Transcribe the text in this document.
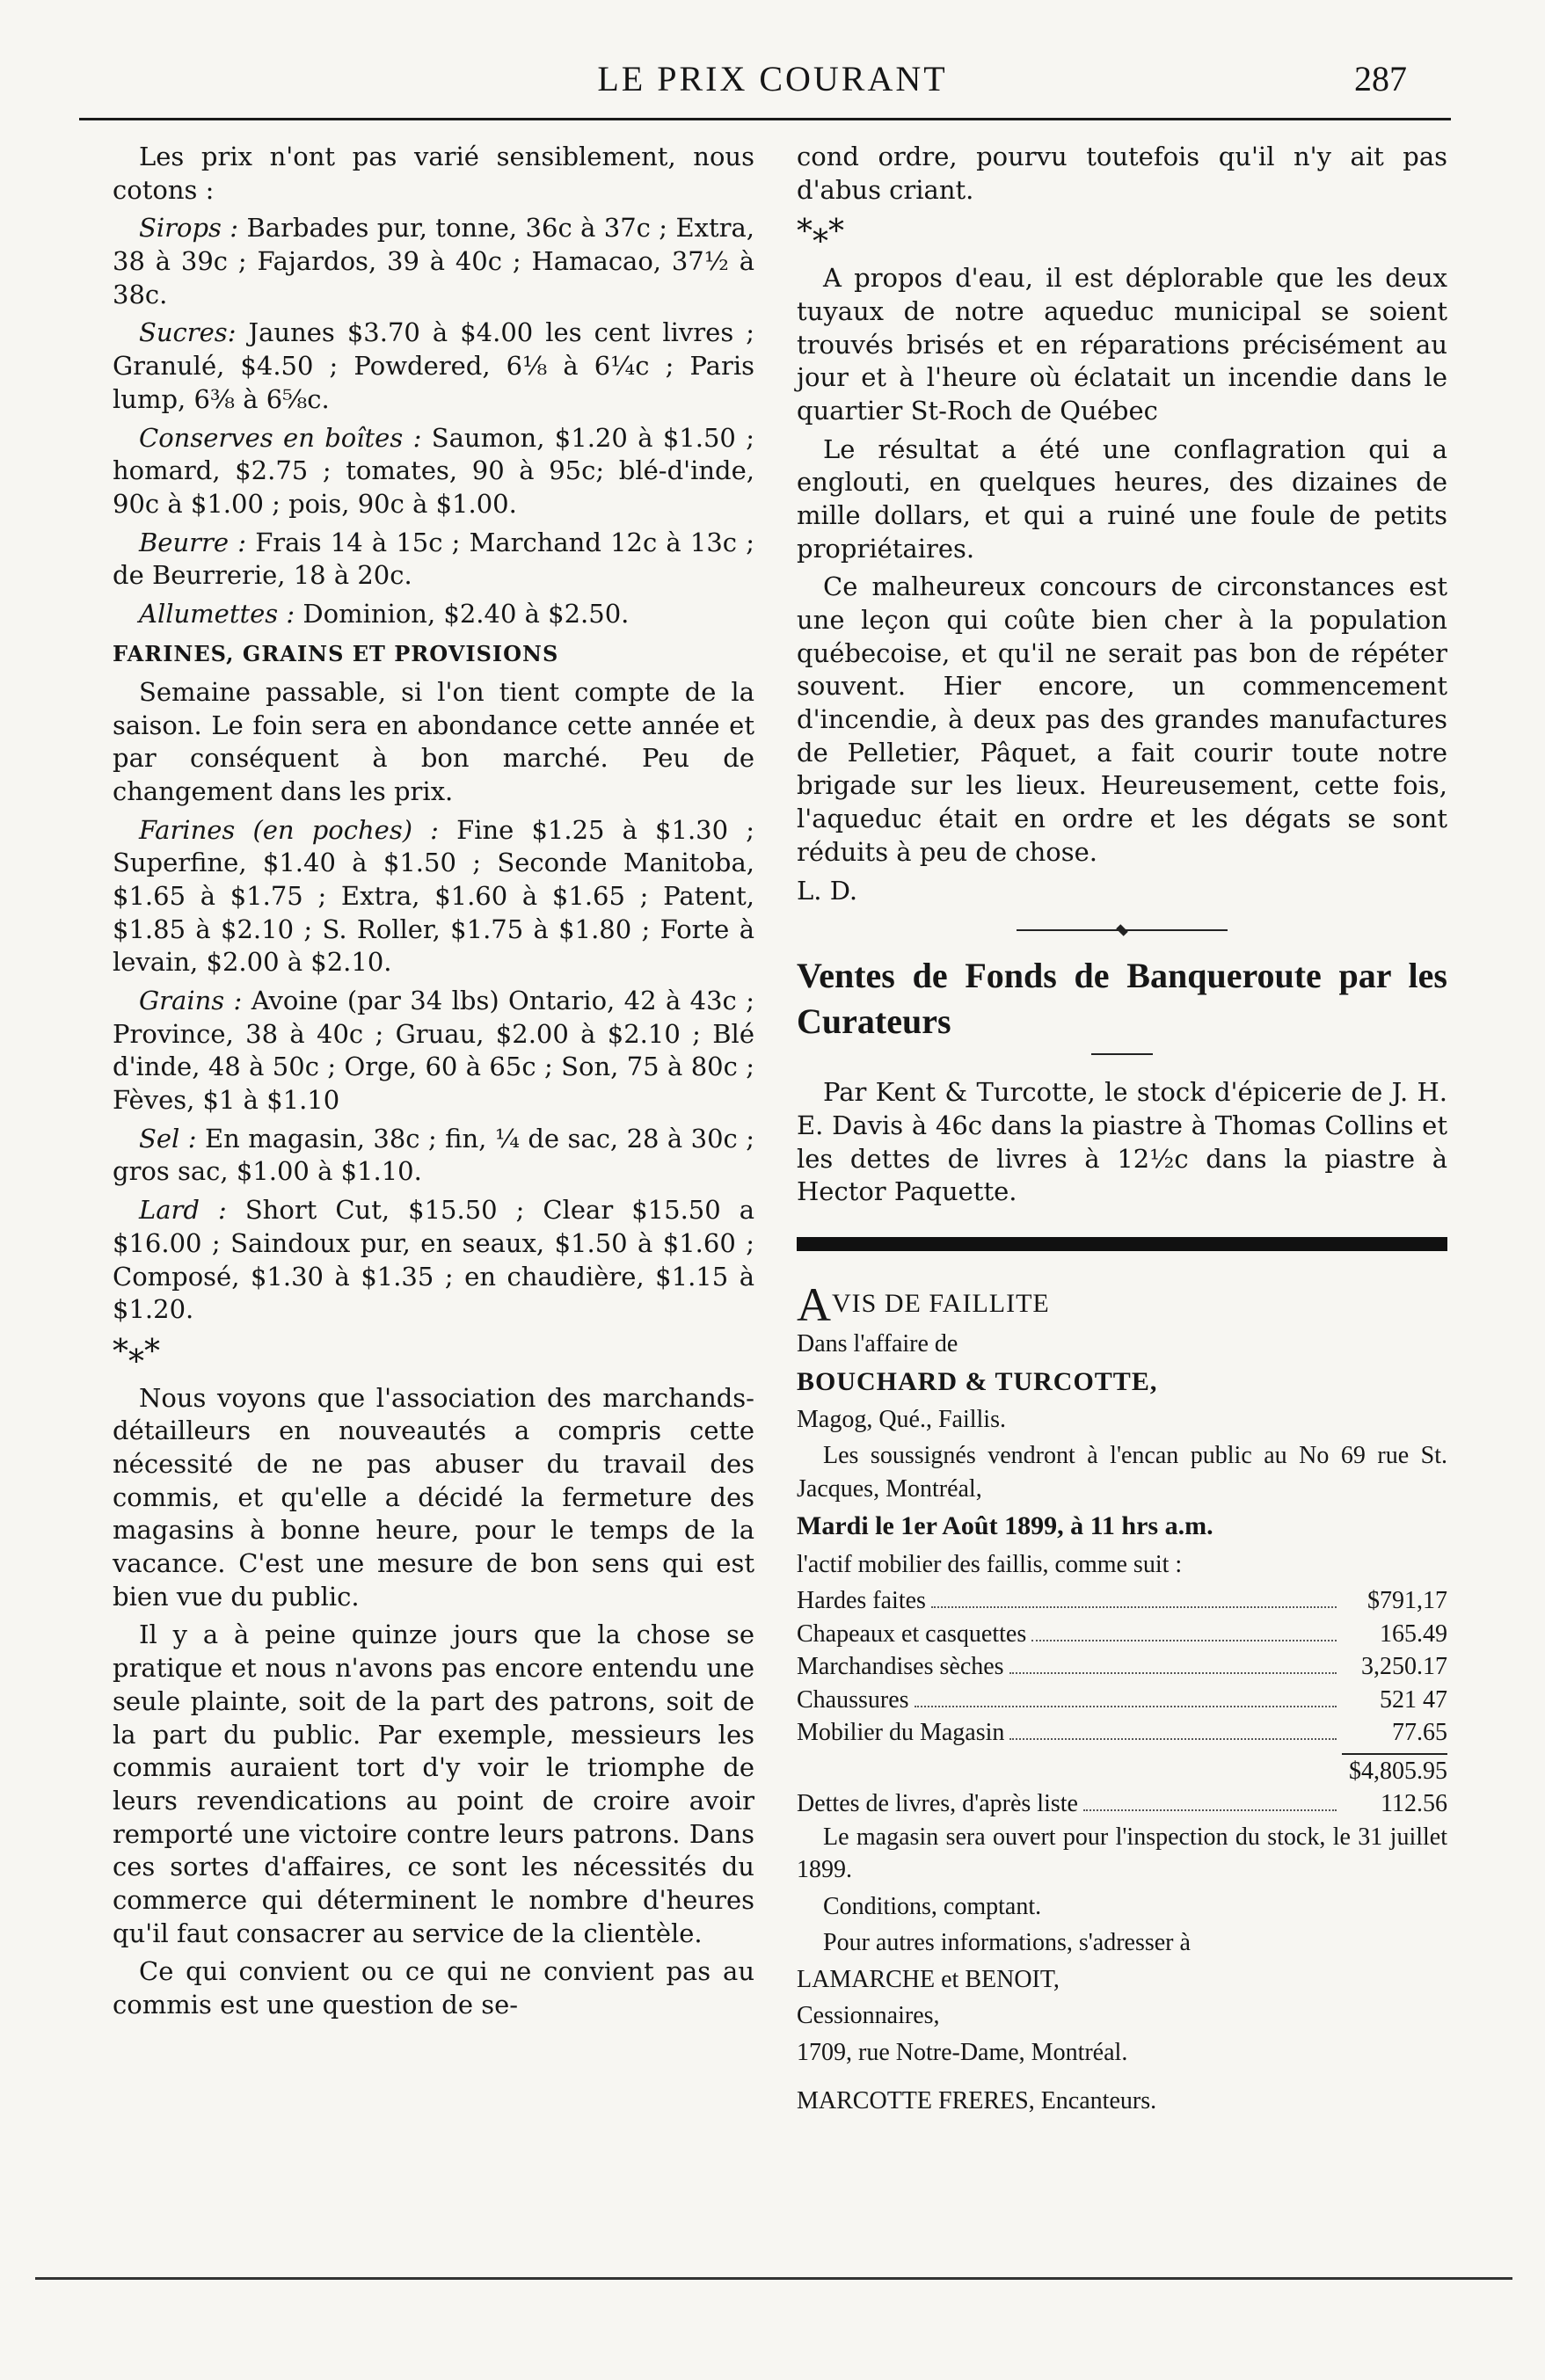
LE PRIX COURANT	287

Les prix n'ont pas varié sensiblement, nous cotons :

Sirops : Barbades pur, tonne, 36c à 37c ; Extra, 38 à 39c ; Fajardos, 39 à 40c ; Hamacao, 37½ à 38c.

Sucres: Jaunes $3.70 à $4.00 les cent livres ; Granulé, $4.50 ; Powdered, 6⅛ à 6¼c ; Paris lump, 6⅜ à 6⅝c.

Conserves en boîtes : Saumon, $1.20 à $1.50 ; homard, $2.75 ; tomates, 90 à 95c; blé-d'inde, 90c à $1.00 ; pois, 90c à $1.00.

Beurre : Frais 14 à 15c ; Marchand 12c à 13c ; de Beurrerie, 18 à 20c.

Allumettes : Dominion, $2.40 à $2.50.

FARINES, GRAINS ET PROVISIONS

Semaine passable, si l'on tient compte de la saison. Le foin sera en abondance cette année et par conséquent à bon marché. Peu de changement dans les prix.

Farines (en poches) : Fine $1.25 à $1.30 ; Superfine, $1.40 à $1.50 ; Seconde Manitoba, $1.65 à $1.75 ; Extra, $1.60 à $1.65 ; Patent, $1.85 à $2.10 ; S. Roller, $1.75 à $1.80 ; Forte à levain, $2.00 à $2.10.

Grains : Avoine (par 34 lbs) Ontario, 42 à 43c ; Province, 38 à 40c ; Gruau, $2.00 à $2.10 ; Blé d'inde, 48 à 50c ; Orge, 60 à 65c ; Son, 75 à 80c ; Fèves, $1 à $1.10

Sel : En magasin, 38c ; fin, ¼ de sac, 28 à 30c ; gros sac, $1.00 à $1.10.

Lard : Short Cut, $15.50 ; Clear $15.50 a $16.00 ; Saindoux pur, en seaux, $1.50 à $1.60 ; Composé, $1.30 à $1.35 ; en chaudière, $1.15 à $1.20.

*⁎*

Nous voyons que l'association des marchands-détailleurs en nouveautés a compris cette nécessité de ne pas abuser du travail des commis, et qu'elle a décidé la fermeture des magasins à bonne heure, pour le temps de la vacance. C'est une mesure de bon sens qui est bien vue du public.

Il y a à peine quinze jours que la chose se pratique et nous n'avons pas encore entendu une seule plainte, soit de la part des patrons, soit de la part du public. Par exemple, messieurs les commis auraient tort d'y voir le triomphe de leurs revendications au point de croire avoir remporté une victoire contre leurs patrons. Dans ces sortes d'affaires, ce sont les nécessités du commerce qui déterminent le nombre d'heures qu'il faut consacrer au service de la clientèle.

Ce qui convient ou ce qui ne convient pas au commis est une question de se-

cond ordre, pourvu toutefois qu'il n'y ait pas d'abus criant.

*⁎*

A propos d'eau, il est déplorable que les deux tuyaux de notre aqueduc municipal se soient trouvés brisés et en réparations précisément au jour et à l'heure où éclatait un incendie dans le quartier St-Roch de Québec

Le résultat a été une conflagration qui a englouti, en quelques heures, des dizaines de mille dollars, et qui a ruiné une foule de petits propriétaires.

Ce malheureux concours de circonstances est une leçon qui coûte bien cher à la population québecoise, et qu'il ne serait pas bon de répéter souvent. Hier encore, un commencement d'incendie, à deux pas des grandes manufactures de Pelletier, Pâquet, a fait courir toute notre brigade sur les lieux. Heureusement, cette fois, l'aqueduc était en ordre et les dégats se sont réduits à peu de chose.

L. D.

Ventes de Fonds de Banqueroute par les Curateurs

Par Kent & Turcotte, le stock d'épicerie de J. H. E. Davis à 46c dans la piastre à Thomas Collins et les dettes de livres à 12½c dans la piastre à Hector Paquette.

AVIS DE FAILLITE

Dans l'affaire de

BOUCHARD & TURCOTTE,

Magog, Qué., Faillis.

Les soussignés vendront à l'encan public au No 69 rue St. Jacques, Montréal,

Mardi le 1er Août 1899, à 11 hrs a.m.

l'actif mobilier des faillis, comme suit :

Hardes faites	$791,17
Chapeaux et casquettes	165.49
Marchandises sèches	3,250.17
Chaussures	521 47
Mobilier du Magasin	77.65
$4,805.95
Dettes de livres, d'après liste	112.56

Le magasin sera ouvert pour l'inspection du stock, le 31 juillet 1899.

Conditions, comptant.

Pour autres informations, s'adresser à

LAMARCHE et BENOIT,

Cessionnaires,

1709, rue Notre-Dame, Montréal.

MARCOTTE FRERES, Encanteurs.
